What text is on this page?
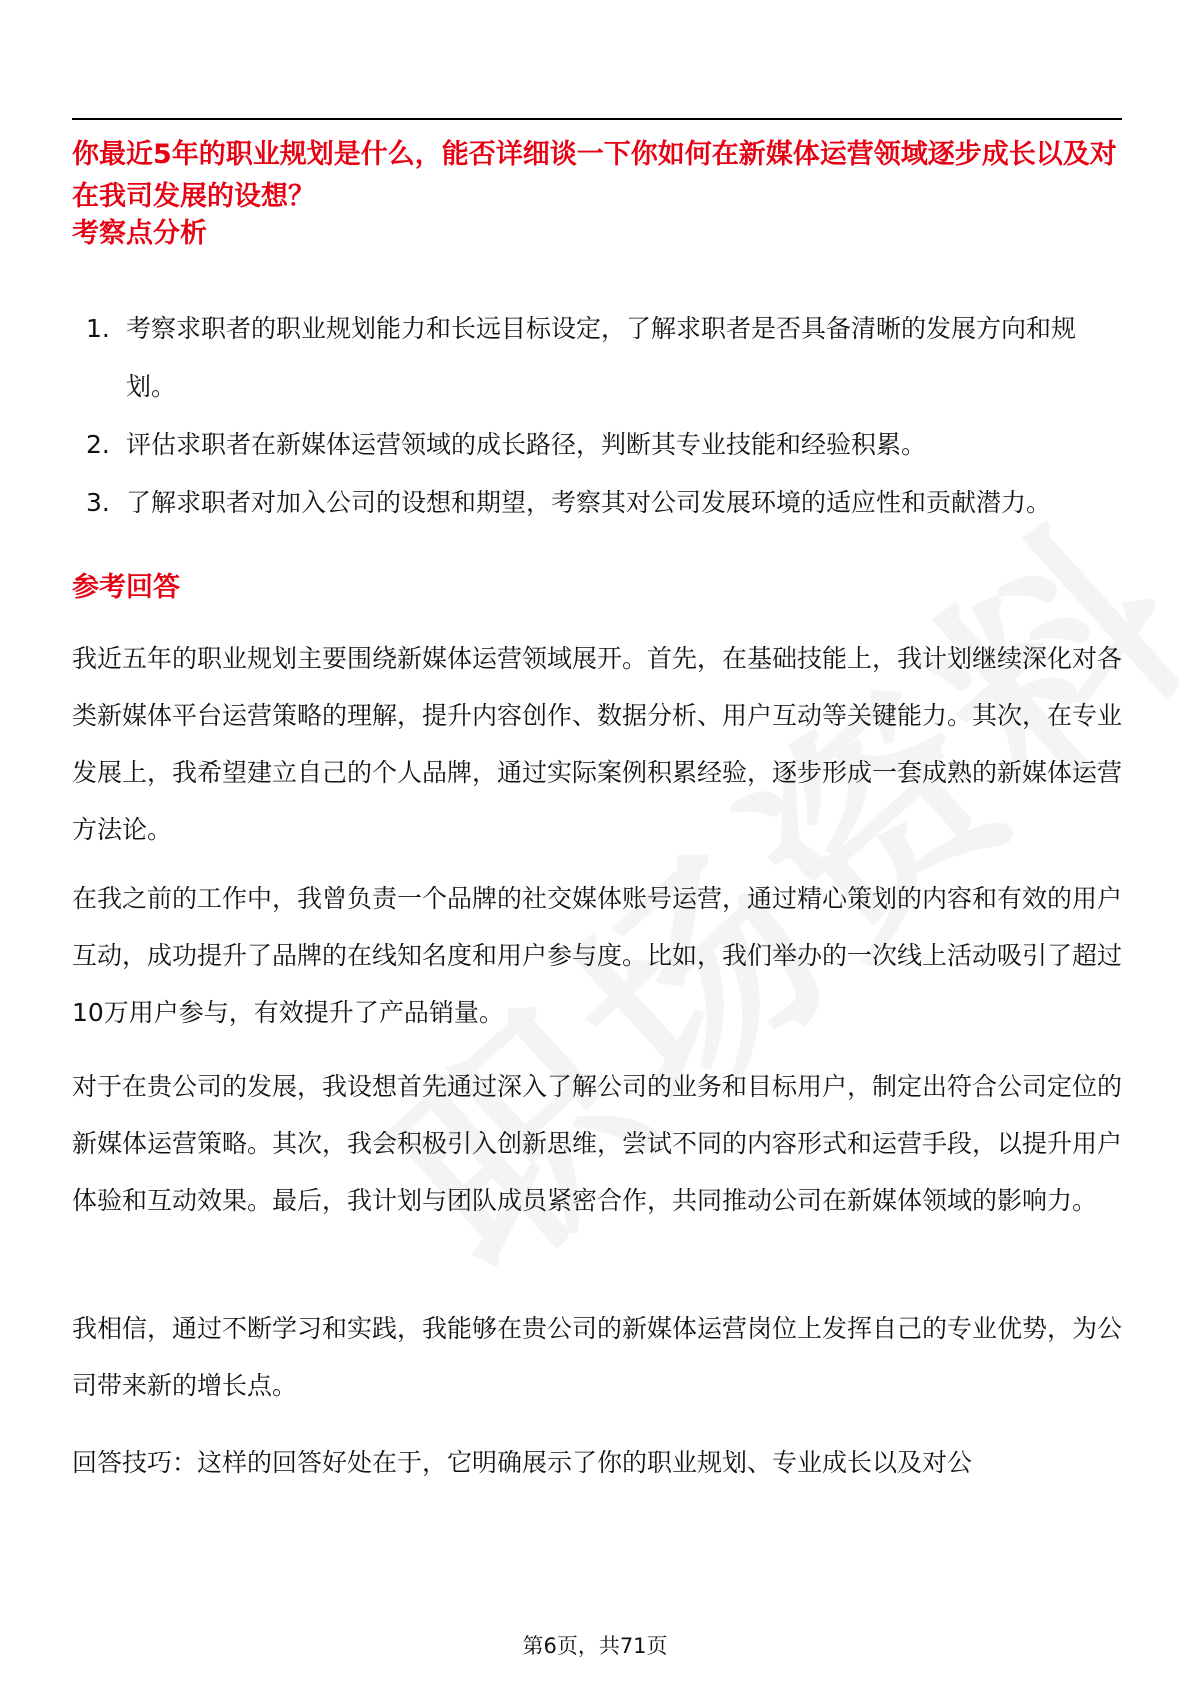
你最近5年的职业规划是什么，能否详细谈一下你如何在新媒体运营领域逐步成长以及对在我司发展的设想？

考察点分析
1. 考察求职者的职业规划能力和长远目标设定，了解求职者是否具备清晰的发展方向和规划。
2. 评估求职者在新媒体运营领域的成长路径，判断其专业技能和经验积累。
3. 了解求职者对加入公司的设想和期望，考察其对公司发展环境的适应性和贡献潜力。
参考回答

我近五年的职业规划主要围绕新媒体运营领域展开。首先，在基础技能上，我计划继续深化对各类新媒体平台运营策略的理解，提升内容创作、数据分析、用户互动等关键能力。其次，在专业发展上，我希望建立自己的个人品牌，通过实际案例积累经验，逐步形成一套成熟的新媒体运营方法论。

在我之前的工作中，我曾负责一个品牌的社交媒体账号运营，通过精心策划的内容和有效的用户互动，成功提升了品牌的在线知名度和用户参与度。比如，我们举办的一次线上活动吸引了超过10万用户参与，有效提升了产品销量。

对于在贵公司的发展，我设想首先通过深入了解公司的业务和目标用户，制定出符合公司定位的新媒体运营策略。其次，我会积极引入创新思维，尝试不同的内容形式和运营手段，以提升用户体验和互动效果。最后，我计划与团队成员紧密合作，共同推动公司在新媒体领域的影响力。

我相信，通过不断学习和实践，我能够在贵公司的新媒体运营岗位上发挥自己的专业优势，为公司带来新的增长点。

回答技巧：这样的回答好处在于，它明确展示了你的职业规划、专业成长以及对公

第6页，共71页
